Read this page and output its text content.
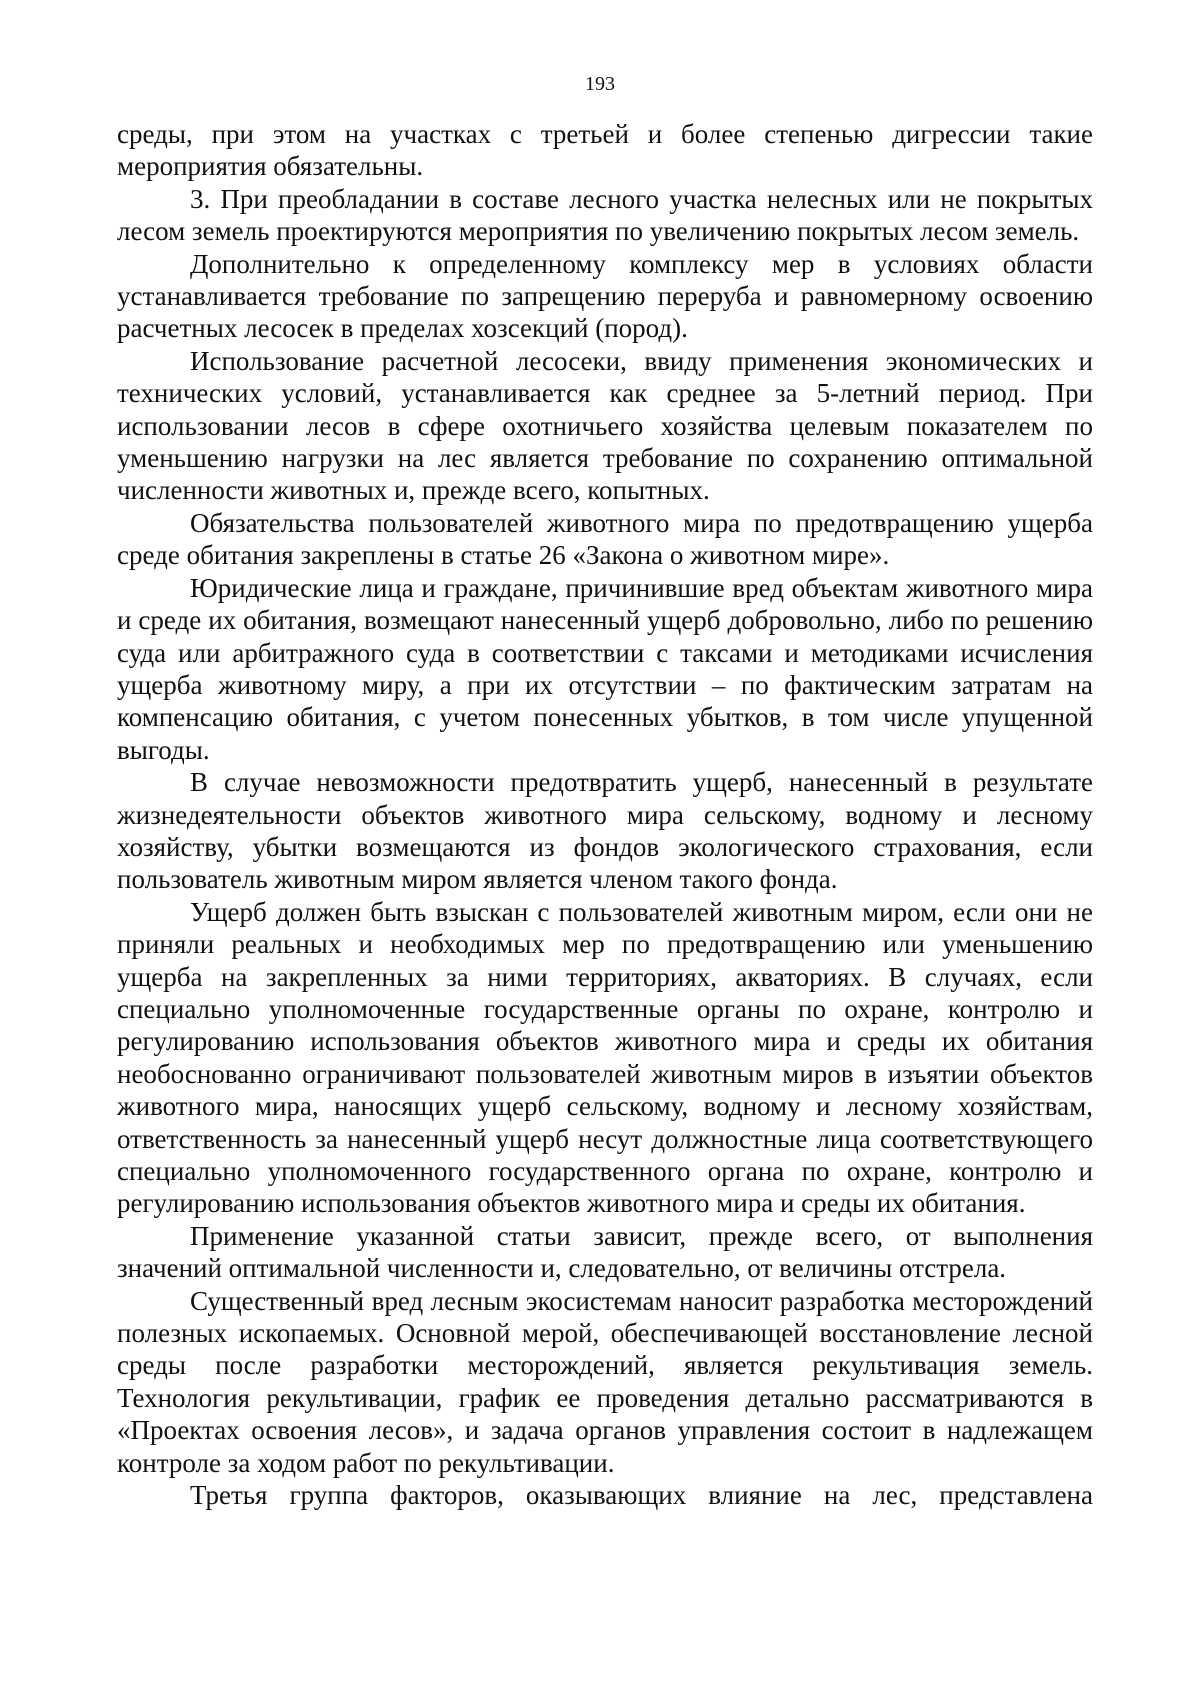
193

среды, при этом на участках с третьей и более степенью дигрессии такие мероприятия обязательны.

3. При преобладании в составе лесного участка нелесных или не покрытых лесом земель проектируются мероприятия по увеличению покрытых лесом земель.

Дополнительно к определенному комплексу мер в условиях области устанавливается требование по запрещению переруба и равномерному освоению расчетных лесосек в пределах хозсекций (пород).

Использование расчетной лесосеки, ввиду применения экономических и технических условий, устанавливается как среднее за 5-летний период. При использовании лесов в сфере охотничьего хозяйства целевым показателем по уменьшению нагрузки на лес является требование по сохранению оптимальной численности животных и, прежде всего, копытных.

Обязательства пользователей животного мира по предотвращению ущерба среде обитания закреплены в статье 26 «Закона о животном мире».

Юридические лица и граждане, причинившие вред объектам животного мира и среде их обитания, возмещают нанесенный ущерб добровольно, либо по решению суда или арбитражного суда в соответствии с таксами и методиками исчисления ущерба животному миру, а при их отсутствии – по фактическим затратам на компенсацию обитания, с учетом понесенных убытков, в том числе упущенной выгоды.

В случае невозможности предотвратить ущерб, нанесенный в результате жизнедеятельности объектов животного мира сельскому, водному и лесному хозяйству, убытки возмещаются из фондов экологического страхования, если пользователь животным миром является членом такого фонда.

Ущерб должен быть взыскан с пользователей животным миром, если они не приняли реальных и необходимых мер по предотвращению или уменьшению ущерба на закрепленных за ними территориях, акваториях. В случаях, если специально уполномоченные государственные органы по охране, контролю и регулированию использования объектов животного мира и среды их обитания необоснованно ограничивают пользователей животным миров в изъятии объектов животного мира, наносящих ущерб сельскому, водному и лесному хозяйствам, ответственность за нанесенный ущерб несут должностные лица соответствующего специально уполномоченного государственного органа по охране, контролю и регулированию использования объектов животного мира и среды их обитания.

Применение указанной статьи зависит, прежде всего, от выполнения значений оптимальной численности и, следовательно, от величины отстрела.

Существенный вред лесным экосистемам наносит разработка месторождений полезных ископаемых. Основной мерой, обеспечивающей восстановление лесной среды после разработки месторождений, является рекультивация земель. Технология рекультивации, график ее проведения детально рассматриваются в «Проектах освоения лесов», и задача органов управления состоит в надлежащем контроле за ходом работ по рекультивации.

Третья группа факторов, оказывающих влияние на лес, представлена
